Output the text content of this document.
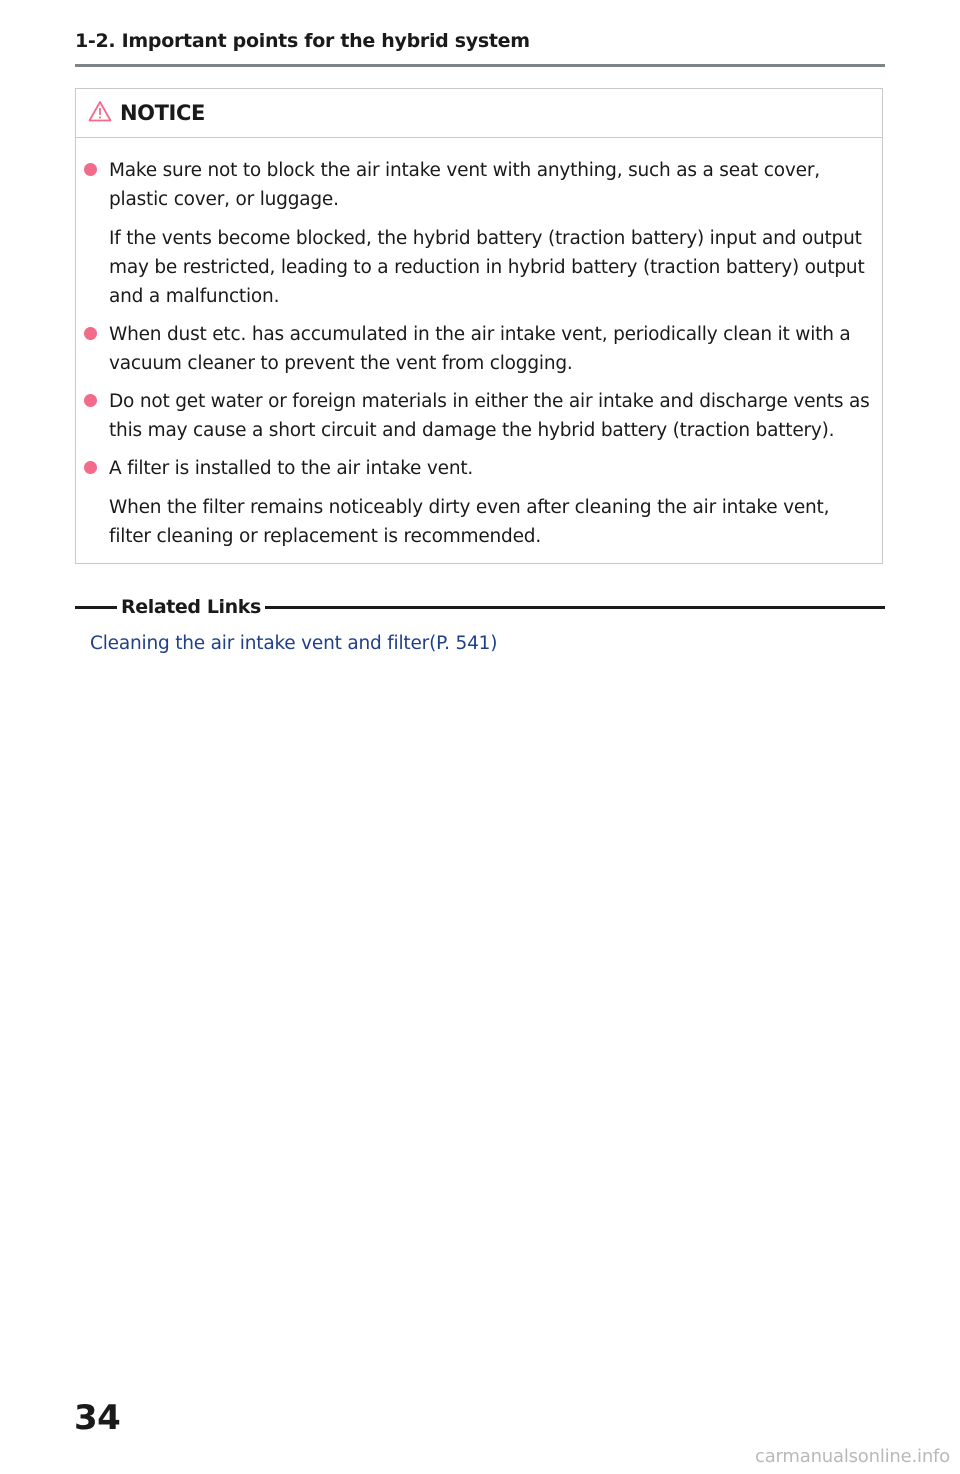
1-2. Important points for the hybrid system
NOTICE

Make sure not to block the air intake vent with anything, such as a seat cover, plastic cover, or luggage.

If the vents become blocked, the hybrid battery (traction battery) input and output may be restricted, leading to a reduction in hybrid battery (traction battery) output and a malfunction.

When dust etc. has accumulated in the air intake vent, periodically clean it with a vacuum cleaner to prevent the vent from clogging.

Do not get water or foreign materials in either the air intake and discharge vents as this may cause a short circuit and damage the hybrid battery (traction battery).

A filter is installed to the air intake vent.

When the filter remains noticeably dirty even after cleaning the air intake vent, filter cleaning or replacement is recommended.

Related Links
Cleaning the air intake vent and filter(P. 541)
34
carmanualsonline.info
